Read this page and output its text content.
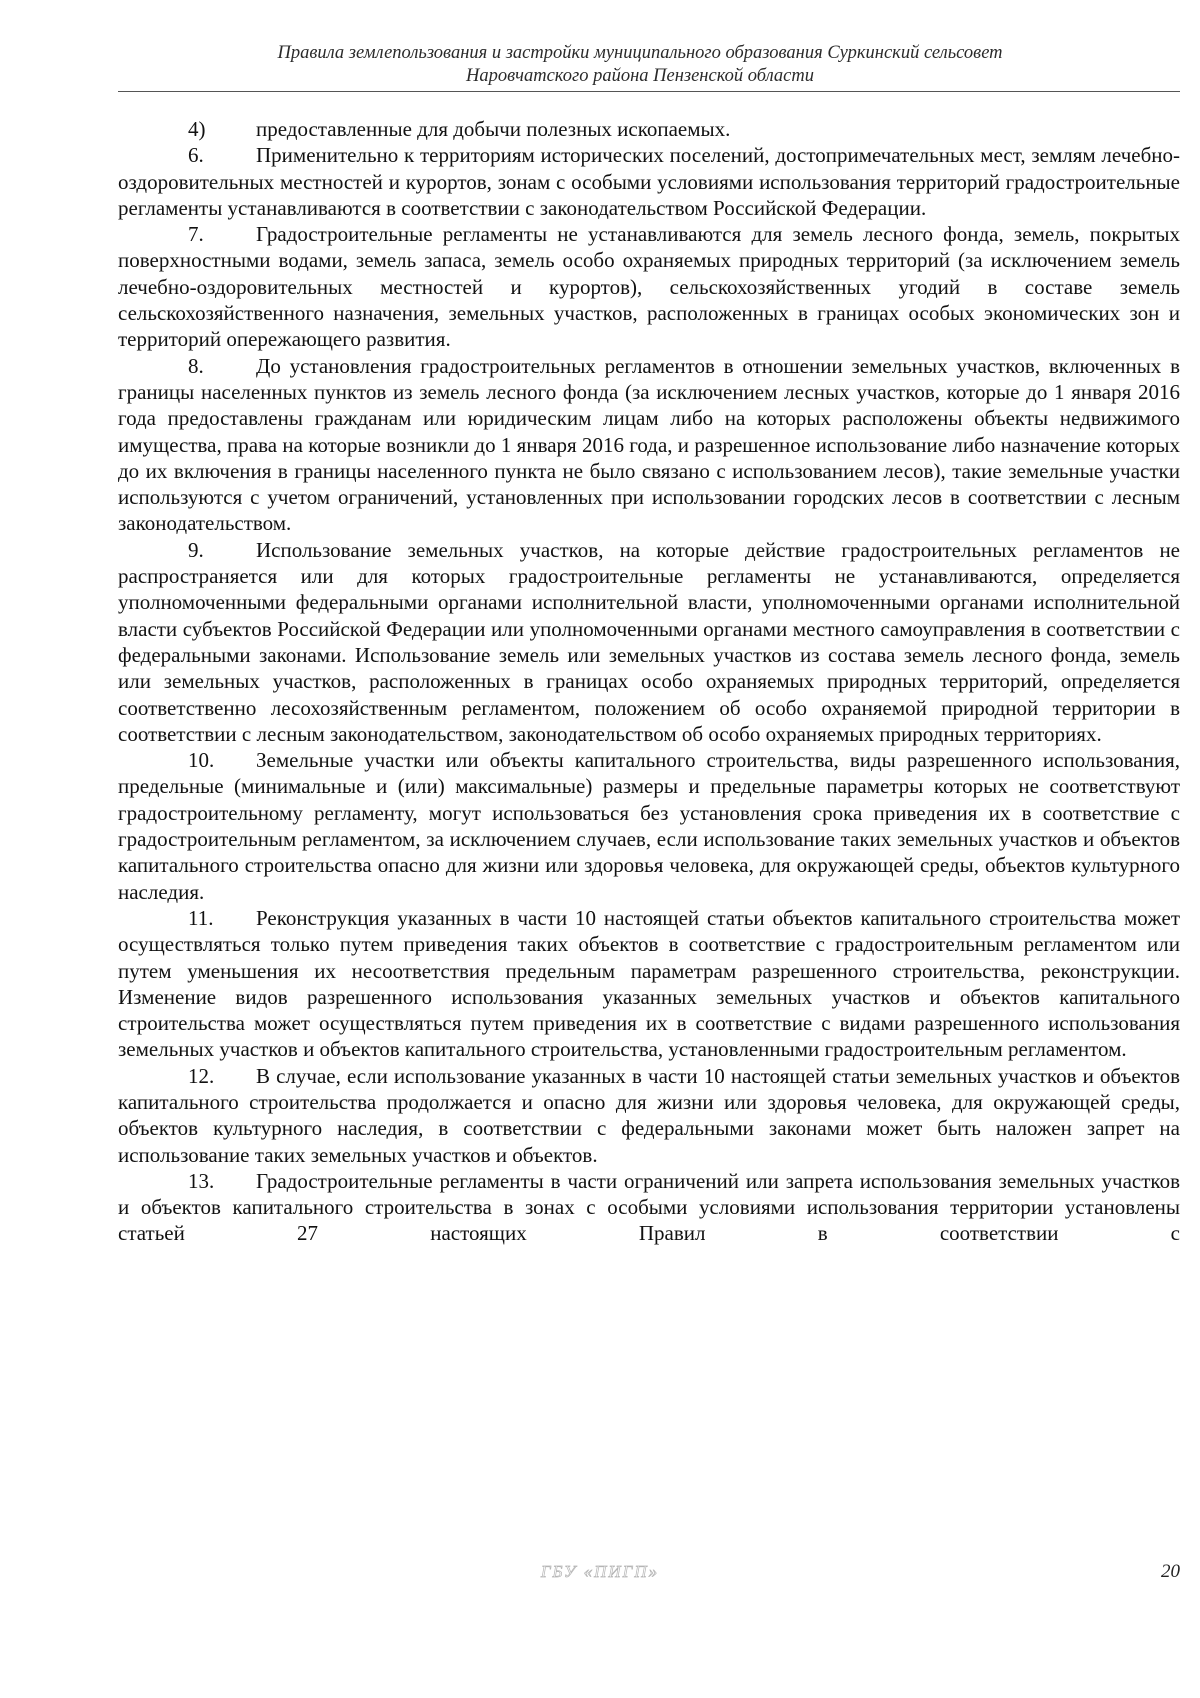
Правила землепользования и застройки муниципального образования Суркинский сельсовет
Наровчатского района Пензенской области

4) предоставленные для добычи полезных ископаемых.

6. Применительно к территориям исторических поселений, достопримечательных мест, землям лечебно-оздоровительных местностей и курортов, зонам с особыми условиями использования территорий градостроительные регламенты устанавливаются в соответствии с законодательством Российской Федерации.

7. Градостроительные регламенты не устанавливаются для земель лесного фонда, земель, покрытых поверхностными водами, земель запаса, земель особо охраняемых природных территорий (за исключением земель лечебно-оздоровительных местностей и курортов), сельскохозяйственных угодий в составе земель сельскохозяйственного назначения, земельных участков, расположенных в границах особых экономических зон и территорий опережающего развития.

8. До установления градостроительных регламентов в отношении земельных участков, включенных в границы населенных пунктов из земель лесного фонда (за исключением лесных участков, которые до 1 января 2016 года предоставлены гражданам или юридическим лицам либо на которых расположены объекты недвижимого имущества, права на которые возникли до 1 января 2016 года, и разрешенное использование либо назначение которых до их включения в границы населенного пункта не было связано с использованием лесов), такие земельные участки используются с учетом ограничений, установленных при использовании городских лесов в соответствии с лесным законодательством.

9. Использование земельных участков, на которые действие градостроительных регламентов не распространяется или для которых градостроительные регламенты не устанавливаются, определяется уполномоченными федеральными органами исполнительной власти, уполномоченными органами исполнительной власти субъектов Российской Федерации или уполномоченными органами местного самоуправления в соответствии с федеральными законами. Использование земель или земельных участков из состава земель лесного фонда, земель или земельных участков, расположенных в границах особо охраняемых природных территорий, определяется соответственно лесохозяйственным регламентом, положением об особо охраняемой природной территории в соответствии с лесным законодательством, законодательством об особо охраняемых природных территориях.

10. Земельные участки или объекты капитального строительства, виды разрешенного использования, предельные (минимальные и (или) максимальные) размеры и предельные параметры которых не соответствуют градостроительному регламенту, могут использоваться без установления срока приведения их в соответствие с градостроительным регламентом, за исключением случаев, если использование таких земельных участков и объектов капитального строительства опасно для жизни или здоровья человека, для окружающей среды, объектов культурного наследия.

11. Реконструкция указанных в части 10 настоящей статьи объектов капитального строительства может осуществляться только путем приведения таких объектов в соответствие с градостроительным регламентом или путем уменьшения их несоответствия предельным параметрам разрешенного строительства, реконструкции. Изменение видов разрешенного использования указанных земельных участков и объектов капитального строительства может осуществляться путем приведения их в соответствие с видами разрешенного использования земельных участков и объектов капитального строительства, установленными градостроительным регламентом.

12. В случае, если использование указанных в части 10 настоящей статьи земельных участков и объектов капитального строительства продолжается и опасно для жизни или здоровья человека, для окружающей среды, объектов культурного наследия, в соответствии с федеральными законами может быть наложен запрет на использование таких земельных участков и объектов.

13. Градостроительные регламенты в части ограничений или запрета использования земельных участков и объектов капитального строительства в зонах с особыми условиями использования территории установлены статьей 27 настоящих Правил в соответствии с

ГБУ «ПИГП»	20
